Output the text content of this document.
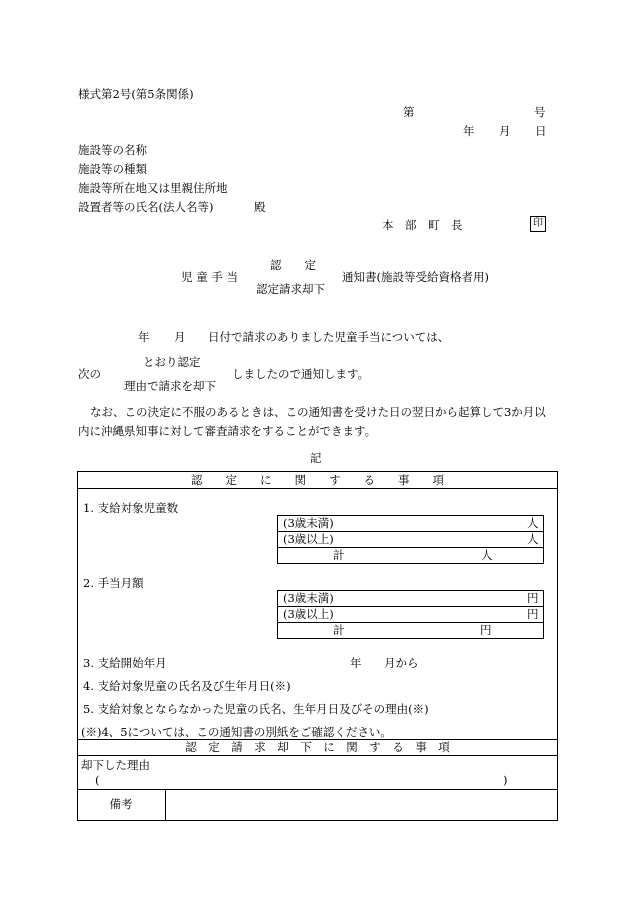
様式第2号(第5条関係)
第	号
年 月 日
施設等の名称
施設等の種類
施設等所在地又は里親住所地
設置者等の氏名(法人名等)	殿
本　部　町　長	印
児 童 手 当
認　　定
認定請求却下
通知書(施設等受給資格者用)
年 月 日付で請求のありました児童手当については、
次の
とおり認定
理由で請求を却下
しましたので通知します。
なお、この決定に不服のあるときは、この通知書を受けた日の翌日から起算して3か月以
内に沖縄県知事に対して審査請求をすることができます。
記
認　　定　　に　　関　　す　　る　　事　　項
1. 支給対象児童数
(3歳未満)	人
(3歳以上)	人
計	人
2. 手当月額
(3歳未満)	円
(3歳以上)	円
計	円
3. 支給開始年月	年 月から
4. 支給対象児童の氏名及び生年月日(※)
5. 支給対象とならなかった児童の氏名、生年月日及びその理由(※)
(※)4、5については、この通知書の別紙をご確認ください。
認　定　請　求　却　下　に　関　す　る　事　項
却下した理由
(	)
備考
